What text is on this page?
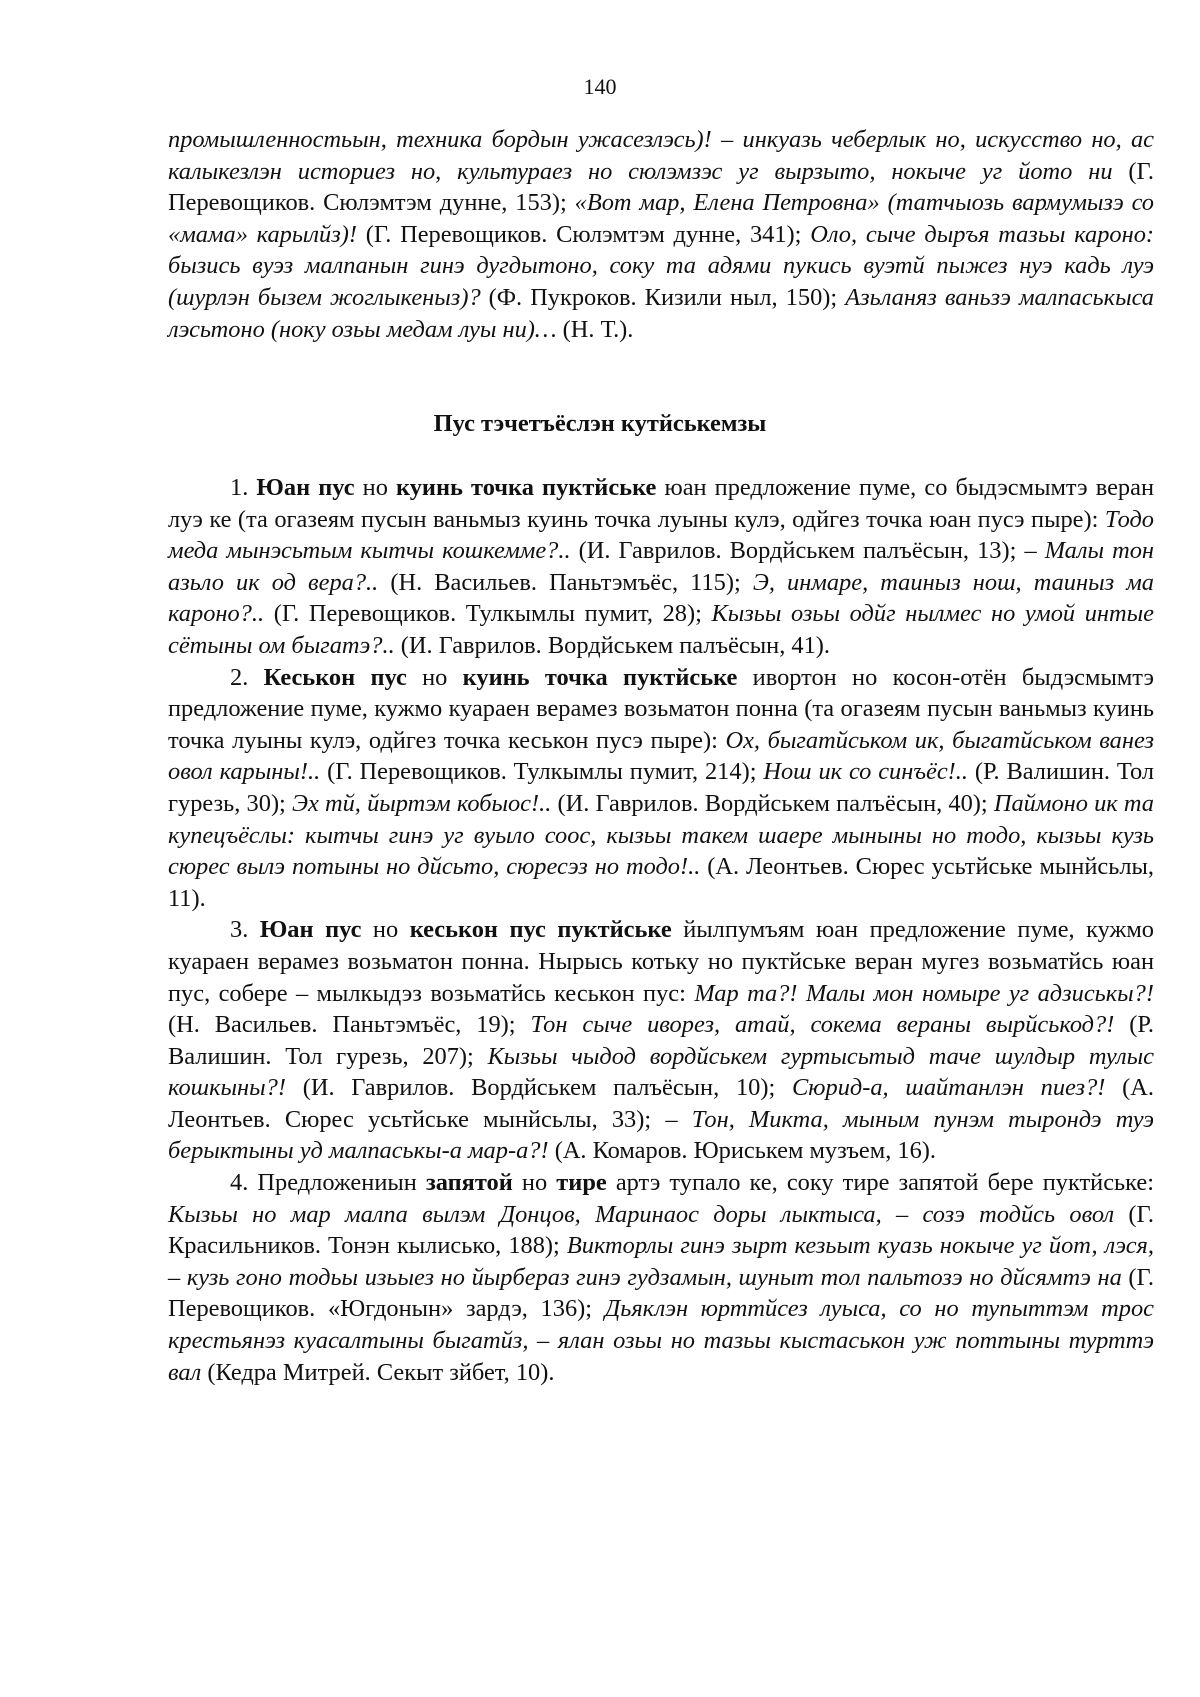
140

промышленностьын, техника бордын ужасезлэсь)! – инкуазь чеберлык но, искусство но, ас калыкезлэн историез но, культураез но сюлэмзэс уг вырзыто, нокыче уг йото ни (Г. Перевощиков. Сюлэмтэм дунне, 153); «Вот мар, Елена Петровна» (татчыозь вармумызэ со «мама» карылйз)! (Г. Перевощиков. Сюлэмтэм дунне, 341); Оло, сыче дыръя тазьы кароно: бызись вуэз малпанын гинэ дугдытоно, соку та адями пукись вуэтй пыжез нуэ кадь луэ (шурлэн бызем жоглыкеныз)? (Ф. Пукроков. Кизили ныл, 150); Азьланяз ваньзэ малпаськыса лэсьтоно (ноку озьы медам луы ни)… (Н. Т.).

Пус тэчетъёслэн кутйськемзы

1. Юан пус но куинь точка пуктйське юан предложение пуме, со быдэсмымтэ веран луэ ке (та огазеям пусын ваньмыз куинь точка луыны кулэ, одйгез точка юан пусэ пыре): Тодо меда мынэсьтым кытчы кошкемме?.. (И. Гаврилов. Вордйськем палъёсын, 13); – Малы тон азьло ик од вера?.. (Н. Васильев. Паньтэмъёс, 115); Э, инмаре, таиныз нош, таиныз ма кароно?.. (Г. Перевощиков. Тулкымлы пумит, 28); Кызьы озьы одйг нылмес но умой интые сётыны ом быгатэ?.. (И. Гаврилов. Вордйськем палъёсын, 41).

2. Кеськон пус но куинь точка пуктйське ивортон но косон-отён быдэсмымтэ предложение пуме, кужмо куараен верамез возьматон понна (та огазеям пусын ваньмыз куинь точка луыны кулэ, одйгез точка кеськон пусэ пыре): Ох, быгатйськом ик, быгатйськом ванез овол карыны!.. (Г. Перевощиков. Тулкымлы пумит, 214); Нош ик со синъёс!.. (Р. Валишин. Тол гурезь, 30); Эх тй, йыртэм кобыос!.. (И. Гаврилов. Вордйськем палъёсын, 40); Паймоно ик та купецъёслы: кытчы гинэ уг вуыло соос, кызьы такем шаере мыныны но тодо, кызьы кузь сюрес вылэ потыны но дйсьто, сюресэз но тодо!.. (А. Леонтьев. Сюрес усьтйське мынйсьлы, 11).

3. Юан пус но кеськон пус пуктйське йылпумъям юан предложение пуме, кужмо куараен верамез возьматон понна. Нырысь котьку но пуктйське веран мугез возьматйсь юан пус, собере – мылкыдэз возьматйсь кеськон пус: Мар та?! Малы мон номыре уг адзиськы?! (Н. Васильев. Паньтэмъёс, 19); Тон сыче иворез, атай, сокема вераны вырйськод?! (Р. Валишин. Тол гурезь, 207); Кызьы чыдод вордйськем гуртысьтыд таче шулдыр тулыс кошкыны?! (И. Гаврилов. Вордйськем палъёсын, 10); Сюрид-а, шайтанлэн пиез?! (А. Леонтьев. Сюрес усьтйське мынйсьлы, 33); – Тон, Микта, мыным пунэм тырондэ туэ берыктыны уд малпаськы-а мар-а?! (А. Комаров. Юриськем музъем, 16).

4. Предложениын запятой но тире артэ тупало ке, соку тире запятой бере пуктйське: Кызьы но мар малпа вылэм Донцов, Маринаос доры лыктыса, – созэ тодйсь овол (Г. Красильников. Тонэн кылисько, 188); Викторлы гинэ зырт кезьыт куазь нокыче уг йот, лэся, – кузь гоно тодьы изьыез но йырбераз гинэ гудзамын, шуныт тол пальтозэ но дйсямтэ на (Г. Перевощиков. «Югдонын» зардэ, 136); Дьяклэн юрттйсез луыса, со но тупыттэм трос крестьянэз куасалтыны быгатйз, – ялан озьы но тазьы кыстаськон уж поттыны турттэ вал (Кедра Митрей. Секыт зйбет, 10).
